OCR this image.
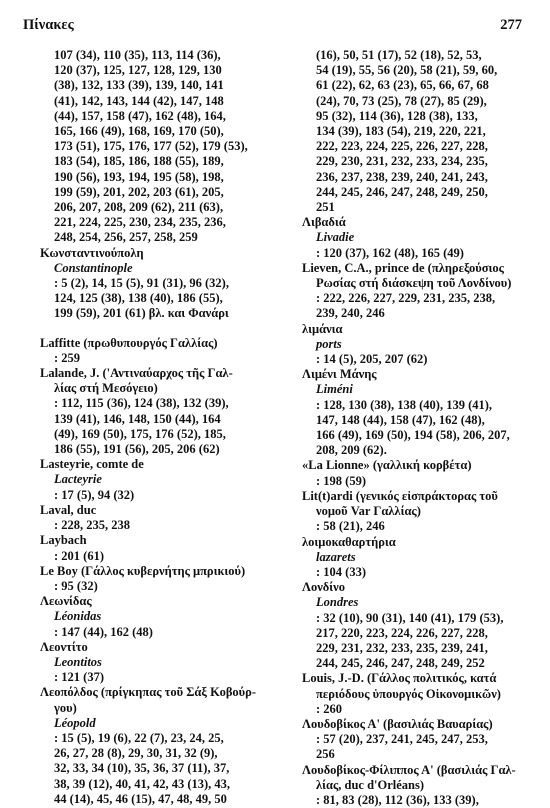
Πίνακες	277
107 (34), 110 (35), 113, 114 (36),
120 (37), 125, 127, 128, 129, 130
(38), 132, 133 (39), 139, 140, 141
(41), 142, 143, 144 (42), 147, 148
(44), 157, 158 (47), 162 (48), 164,
165, 166 (49), 168, 169, 170 (50),
173 (51), 175, 176, 177 (52), 179 (53),
183 (54), 185, 186, 188 (55), 189,
190 (56), 193, 194, 195 (58), 198,
199 (59), 201, 202, 203 (61), 205,
206, 207, 208, 209 (62), 211 (63),
221, 224, 225, 230, 234, 235, 236,
248, 254, 256, 257, 258, 259
Κωνσταντινούπολη
Constantinople
: 5 (2), 14, 15 (5), 91 (31), 96 (32),
124, 125 (38), 138 (40), 186 (55),
199 (59), 201 (61) βλ. και Φανάρι
Laffitte (πρωθυπουργός Γαλλίας)
: 259
Lalande, J. ('Αντιναύαρχος τῆς Γαλ-
λίας στή Μεσόγειο)
: 112, 115 (36), 124 (38), 132 (39),
139 (41), 146, 148, 150 (44), 164
(49), 169 (50), 175, 176 (52), 185,
186 (55), 191 (56), 205, 206 (62)
Lasteyrie, comte de
Lacteyrie
: 17 (5), 94 (32)
Laval, duc
: 228, 235, 238
Laybach
: 201 (61)
Le Boy (Γάλλος κυβερνήτης μπρικιού)
: 95 (32)
Λεωνίδας
Léonidas
: 147 (44), 162 (48)
Λεοντίτο
Leontitos
: 121 (37)
Λεοπόλδος (πρίγκηπας τοῦ Σάξ Κοβούρ-
γου)
Léopold
: 15 (5), 19 (6), 22 (7), 23, 24, 25,
26, 27, 28 (8), 29, 30, 31, 32 (9),
32, 33, 34 (10), 35, 36, 37 (11), 37,
38, 39 (12), 40, 41, 42, 43 (13), 43,
44 (14), 45, 46 (15), 47, 48, 49, 50
(16), 50, 51 (17), 52 (18), 52, 53,
54 (19), 55, 56 (20), 58 (21), 59, 60,
61 (22), 62, 63 (23), 65, 66, 67, 68
(24), 70, 73 (25), 78 (27), 85 (29),
95 (32), 114 (36), 128 (38), 133,
134 (39), 183 (54), 219, 220, 221,
222, 223, 224, 225, 226, 227, 228,
229, 230, 231, 232, 233, 234, 235,
236, 237, 238, 239, 240, 241, 243,
244, 245, 246, 247, 248, 249, 250,
251
Λιβαδιά
Livadie
: 120 (37), 162 (48), 165 (49)
Lieven, C.A., prince de (πληρεξούσιος
Ρωσίας στή διάσκεψη τοῦ Λονδίνου)
: 222, 226, 227, 229, 231, 235, 238,
239, 240, 246
λιμάνια
ports
: 14 (5), 205, 207 (62)
Λιμένι Μάνης
Liméni
: 128, 130 (38), 138 (40), 139 (41),
147, 148 (44), 158 (47), 162 (48),
166 (49), 169 (50), 194 (58), 206, 207,
208, 209 (62).
«La Lionne» (γαλλική κορβέτα)
: 198 (59)
Lit(t)ardi (γενικός εἰσπράκτορας τοῦ
νομοῦ Var Γαλλίας)
: 58 (21), 246
λοιμοκαθαρτήρια
lazarets
: 104 (33)
Λονδίνο
Londres
: 32 (10), 90 (31), 140 (41), 179 (53),
217, 220, 223, 224, 226, 227, 228,
229, 231, 232, 233, 235, 239, 241,
244, 245, 246, 247, 248, 249, 252
Louis, J.-D. (Γάλλος πολιτικός, κατά
περιόδους ὑπουργός Οἰκονομικῶν)
: 260
Λουδοβίκος Α' (βασιλιάς Βαυαρίας)
: 57 (20), 237, 241, 245, 247, 253,
256
Λουδοβίκος-Φίλιππος Α' (βασιλιάς Γαλ-
λίας, duc d'Orléans)
: 81, 83 (28), 112 (36), 133 (39),
